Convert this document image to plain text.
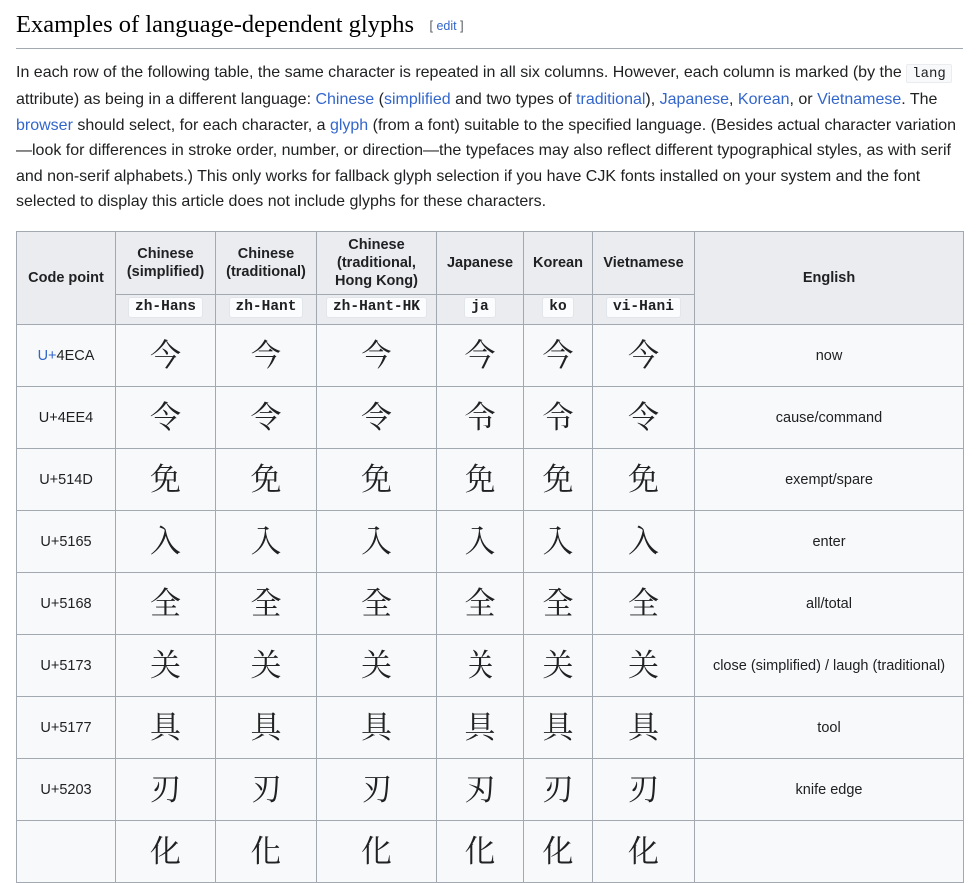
Examples of language-dependent glyphs [ edit ]

In each row of the following table, the same character is repeated in all six columns. However, each column is marked (by the lang attribute) as being in a different language: Chinese (simplified and two types of traditional), Japanese, Korean, or Vietnamese. The browser should select, for each character, a glyph (from a font) suitable to the specified language. (Besides actual character variation—look for differences in stroke order, number, or direction—the typefaces may also reflect different typographical styles, as with serif and non-serif alphabets.) This only works for fallback glyph selection if you have CJK fonts installed on your system and the font selected to display this article does not include glyphs for these characters.

Code point	Chinese (simplified)	Chinese (traditional)	Chinese (traditional, Hong Kong)	Japanese	Korean	Vietnamese	English
	zh-Hans	zh-Hant	zh-Hant-HK	ja	ko	vi-Hani	
U+4ECA	今	今	今	今	今	今	now
U+4EE4	令	令	令	令	令	令	cause/command
U+514D	免	免	免	免	免	免	exempt/spare
U+5165	入	入	入	入	入	入	enter
U+5168	全	全	全	全	全	全	all/total
U+5173	关	关	关	关	关	关	close (simplified) / laugh (traditional)
U+5177	具	具	具	具	具	具	tool
U+5203	刃	刃	刃	刃	刃	刃	knife edge
	化	化	化	化	化	化	
